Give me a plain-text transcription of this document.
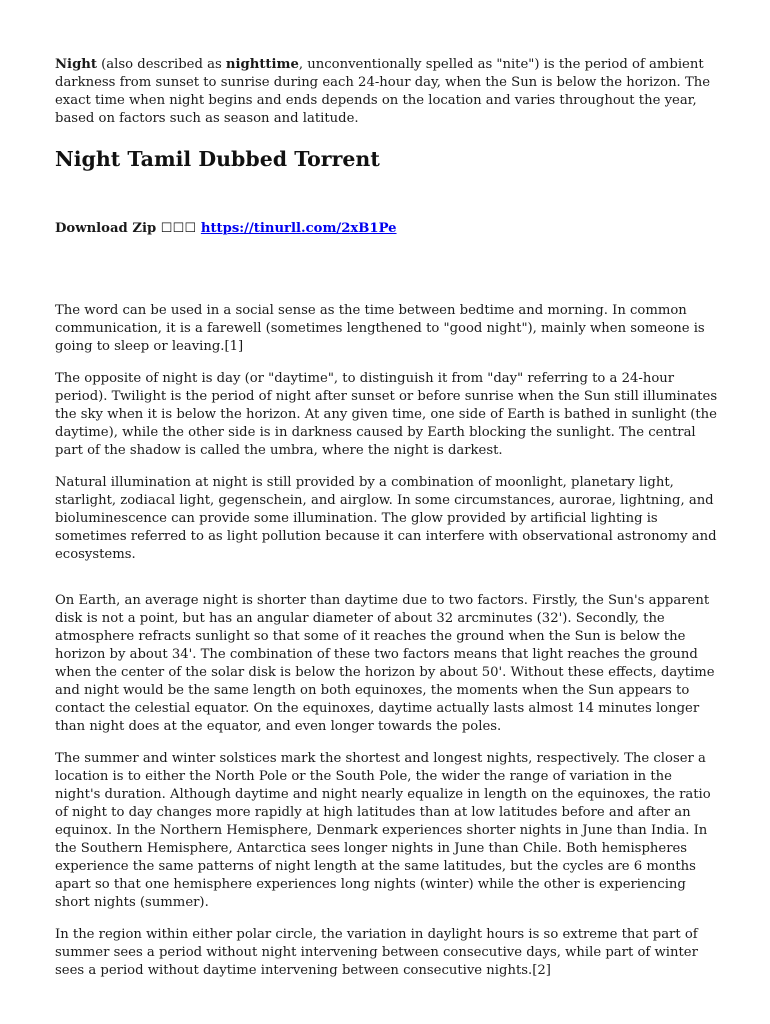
Night (also described as nighttime, unconventionally spelled as "nite") is the period of ambient darkness from sunset to sunrise during each 24-hour day, when the Sun is below the horizon. The exact time when night begins and ends depends on the location and varies throughout the year, based on factors such as season and latitude.

Night Tamil Dubbed Torrent

Download Zip ☐☐☐ https://tinurll.com/2xB1Pe

The word can be used in a social sense as the time between bedtime and morning. In common communication, it is a farewell (sometimes lengthened to "good night"), mainly when someone is going to sleep or leaving.[1]

The opposite of night is day (or "daytime", to distinguish it from "day" referring to a 24-hour period). Twilight is the period of night after sunset or before sunrise when the Sun still illuminates the sky when it is below the horizon. At any given time, one side of Earth is bathed in sunlight (the daytime), while the other side is in darkness caused by Earth blocking the sunlight. The central part of the shadow is called the umbra, where the night is darkest.

Natural illumination at night is still provided by a combination of moonlight, planetary light, starlight, zodiacal light, gegenschein, and airglow. In some circumstances, aurorae, lightning, and bioluminescence can provide some illumination. The glow provided by artificial lighting is sometimes referred to as light pollution because it can interfere with observational astronomy and ecosystems.

On Earth, an average night is shorter than daytime due to two factors. Firstly, the Sun's apparent disk is not a point, but has an angular diameter of about 32 arcminutes (32'). Secondly, the atmosphere refracts sunlight so that some of it reaches the ground when the Sun is below the horizon by about 34'. The combination of these two factors means that light reaches the ground when the center of the solar disk is below the horizon by about 50'. Without these effects, daytime and night would be the same length on both equinoxes, the moments when the Sun appears to contact the celestial equator. On the equinoxes, daytime actually lasts almost 14 minutes longer than night does at the equator, and even longer towards the poles.

The summer and winter solstices mark the shortest and longest nights, respectively. The closer a location is to either the North Pole or the South Pole, the wider the range of variation in the night's duration. Although daytime and night nearly equalize in length on the equinoxes, the ratio of night to day changes more rapidly at high latitudes than at low latitudes before and after an equinox. In the Northern Hemisphere, Denmark experiences shorter nights in June than India. In the Southern Hemisphere, Antarctica sees longer nights in June than Chile. Both hemispheres experience the same patterns of night length at the same latitudes, but the cycles are 6 months apart so that one hemisphere experiences long nights (winter) while the other is experiencing short nights (summer).

In the region within either polar circle, the variation in daylight hours is so extreme that part of summer sees a period without night intervening between consecutive days, while part of winter sees a period without daytime intervening between consecutive nights.[2]
